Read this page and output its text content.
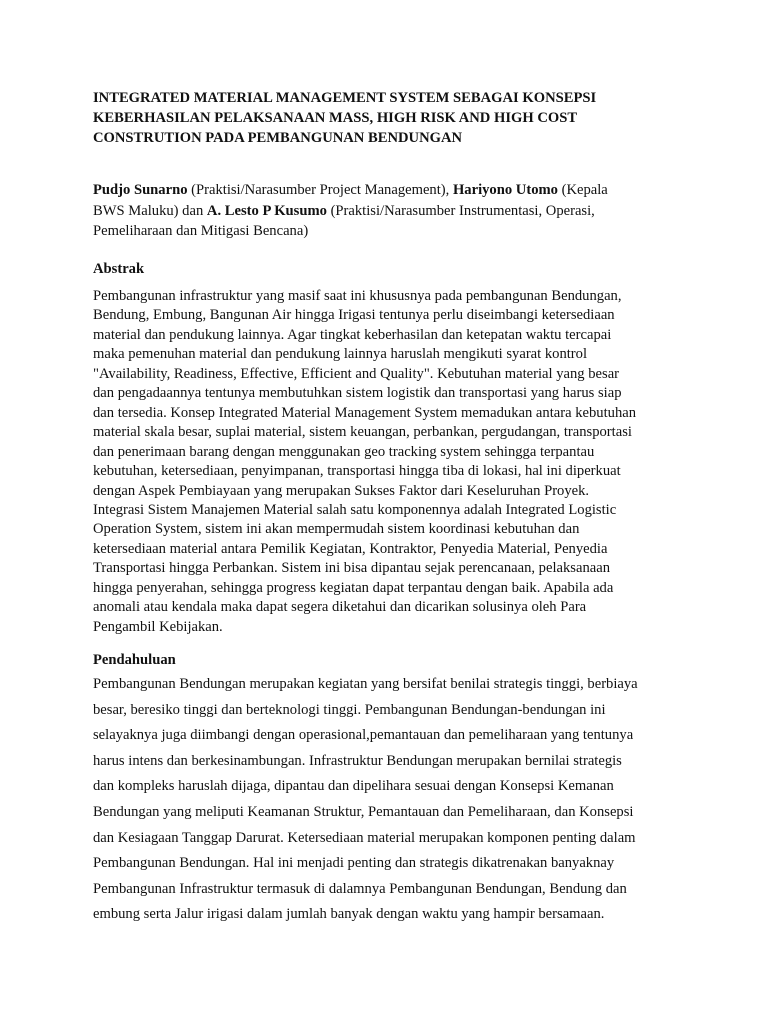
INTEGRATED MATERIAL MANAGEMENT SYSTEM SEBAGAI KONSEPSI
KEBERHASILAN PELAKSANAAN MASS, HIGH RISK AND HIGH COST
CONSTRUTION PADA PEMBANGUNAN BENDUNGAN
Pudjo Sunarno (Praktisi/Narasumber Project Management), Hariyono Utomo (Kepala
BWS Maluku) dan A. Lesto P Kusumo (Praktisi/Narasumber Instrumentasi, Operasi,
Pemeliharaan dan Mitigasi Bencana)
Abstrak
Pembangunan infrastruktur yang masif saat ini khususnya pada pembangunan Bendungan,
Bendung, Embung, Bangunan Air hingga Irigasi tentunya perlu diseimbangi ketersediaan
material dan pendukung lainnya. Agar tingkat keberhasilan dan ketepatan waktu tercapai
maka pemenuhan material dan pendukung lainnya haruslah mengikuti syarat kontrol
"Availability, Readiness, Effective, Efficient and Quality". Kebutuhan material yang besar
dan pengadaannya tentunya membutuhkan sistem logistik dan transportasi yang harus siap
dan tersedia. Konsep Integrated Material Management System memadukan antara kebutuhan
material skala besar, suplai material, sistem keuangan, perbankan, pergudangan, transportasi
dan penerimaan barang dengan menggunakan geo tracking system sehingga terpantau
kebutuhan, ketersediaan, penyimpanan, transportasi hingga tiba di lokasi, hal ini diperkuat
dengan Aspek Pembiayaan yang merupakan Sukses Faktor dari Keseluruhan Proyek.
Integrasi Sistem Manajemen Material salah satu komponennya adalah Integrated Logistic
Operation System, sistem ini akan mempermudah sistem koordinasi kebutuhan dan
ketersediaan material antara Pemilik Kegiatan, Kontraktor, Penyedia Material, Penyedia
Transportasi hingga Perbankan. Sistem ini bisa dipantau sejak perencanaan, pelaksanaan
hingga penyerahan, sehingga progress kegiatan dapat terpantau dengan baik. Apabila ada
anomali atau kendala maka dapat segera diketahui dan dicarikan solusinya oleh Para
Pengambil Kebijakan.
Pendahuluan
Pembangunan Bendungan merupakan kegiatan yang bersifat benilai strategis tinggi, berbiaya
besar, beresiko tinggi dan berteknologi tinggi. Pembangunan Bendungan-bendungan ini
selayaknya juga diimbangi dengan operasional,pemantauan dan pemeliharaan yang tentunya
harus intens dan berkesinambungan. Infrastruktur Bendungan merupakan bernilai strategis
dan kompleks haruslah dijaga, dipantau dan dipelihara sesuai dengan Konsepsi Kemanan
Bendungan yang meliputi Keamanan Struktur, Pemantauan dan Pemeliharaan, dan Konsepsi
dan Kesiagaan Tanggap Darurat. Ketersediaan material merupakan komponen penting dalam
Pembangunan Bendungan. Hal ini menjadi penting dan strategis dikatrenakan banyaknay
Pembangunan Infrastruktur termasuk di dalamnya Pembangunan Bendungan, Bendung dan
embung serta Jalur irigasi dalam jumlah banyak dengan waktu yang hampir bersamaan.
